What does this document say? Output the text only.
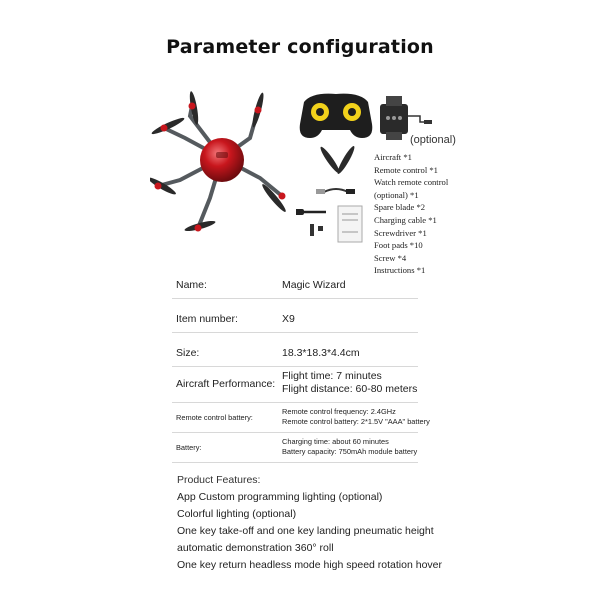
Parameter configuration
(optional)
Aircraft *1
Remote control *1
Watch remote control
(optional) *1
Spare blade *2
Charging cable *1
Screwdriver *1
Foot pads *10
Screw *4
Instructions *1
Name:	Magic Wizard
Item number:	X9
Size:	18.3*18.3*4.4cm
Aircraft Performance:
Flight time: 7 minutes
Flight distance: 60-80 meters
Remote control battery:
Remote control frequency: 2.4GHz
Remote control battery: 2*1.5V "AAA" battery
Battery:
Charging time: about 60 minutes
Battery capacity: 750mAh module battery
Product Features:
App Custom programming lighting (optional)
Colorful lighting (optional)
One key take-off and one key landing pneumatic height
automatic demonstration 360° roll
One key return headless mode high speed rotation hover
